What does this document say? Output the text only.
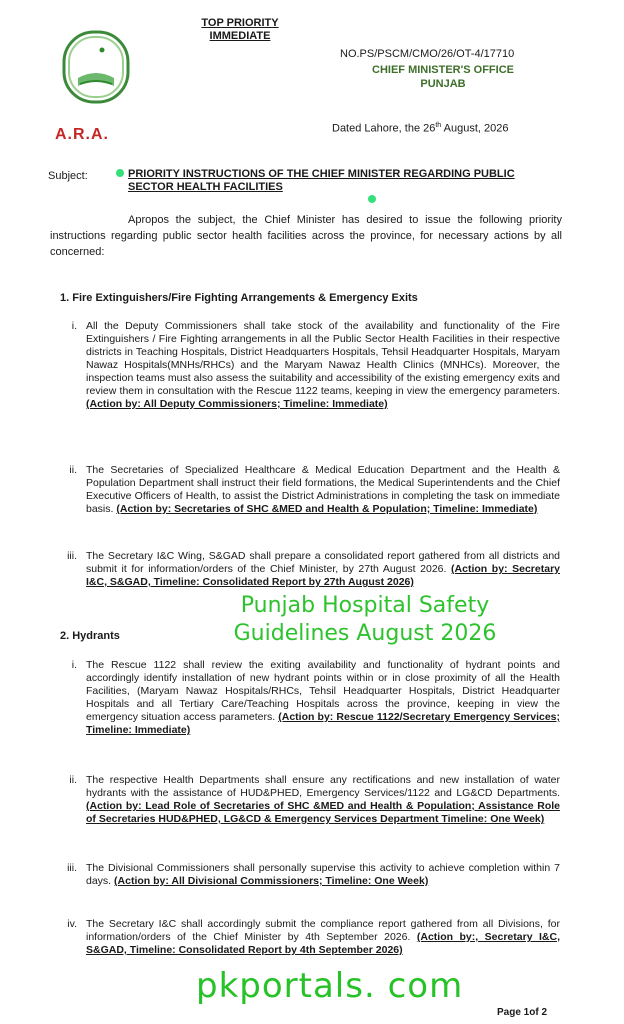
TOP PRIORITY
IMMEDIATE
NO.PS/PSCM/CMO/26/OT-4/17710
CHIEF MINISTER'S OFFICE
PUNJAB
A.R.A.	Dated Lahore, the 26th August, 2026
Subject:	PRIORITY INSTRUCTIONS OF THE CHIEF MINISTER REGARDING PUBLIC SECTOR HEALTH FACILITIES
Apropos the subject, the Chief Minister has desired to issue the following priority instructions regarding public sector health facilities across the province, for necessary actions by all concerned:
1. Fire Extinguishers/Fire Fighting Arrangements & Emergency Exits
i. All the Deputy Commissioners shall take stock of the availability and functionality of the Fire Extinguishers / Fire Fighting arrangements in all the Public Sector Health Facilities in their respective districts in Teaching Hospitals, District Headquarters Hospitals, Tehsil Headquarter Hospitals, Maryam Nawaz Hospitals(MNHs/RHCs) and the Maryam Nawaz Health Clinics (MNHCs). Moreover, the inspection teams must also assess the suitability and accessibility of the existing emergency exits and review them in consultation with the Rescue 1122 teams, keeping in view the emergency parameters. (Action by: All Deputy Commissioners; Timeline: Immediate)
ii. The Secretaries of Specialized Healthcare & Medical Education Department and the Health & Population Department shall instruct their field formations, the Medical Superintendents and the Chief Executive Officers of Health, to assist the District Administrations in completing the task on immediate basis. (Action by: Secretaries of SHC &MED and Health & Population; Timeline: Immediate)
iii. The Secretary I&C Wing, S&GAD shall prepare a consolidated report gathered from all districts and submit it for information/orders of the Chief Minister, by 27th August 2026. (Action by: Secretary I&C, S&GAD, Timeline: Consolidated Report by 27th August 2026)
Punjab Hospital Safety
Guidelines August 2026
2. Hydrants
i. The Rescue 1122 shall review the exiting availability and functionality of hydrant points and accordingly identify installation of new hydrant points within or in close proximity of all the Health Facilities, (Maryam Nawaz Hospitals/RHCs, Tehsil Headquarter Hospitals, District Headquarter Hospitals and all Tertiary Care/Teaching Hospitals across the province, keeping in view the emergency situation access parameters. (Action by: Rescue 1122/Secretary Emergency Services; Timeline: Immediate)
ii. The respective Health Departments shall ensure any rectifications and new installation of water hydrants with the assistance of HUD&PHED, Emergency Services/1122 and LG&CD Departments. (Action by: Lead Role of Secretaries of SHC &MED and Health & Population; Assistance Role of Secretaries HUD&PHED, LG&CD & Emergency Services Department Timeline: One Week)
iii. The Divisional Commissioners shall personally supervise this activity to achieve completion within 7 days. (Action by: All Divisional Commissioners; Timeline: One Week)
iv. The Secretary I&C shall accordingly submit the compliance report gathered from all Divisions, for information/orders of the Chief Minister by 4th September 2026. (Action by:, Secretary I&C, S&GAD, Timeline: Consolidated Report by 4th September 2026)
pkportals. com
Page 1of 2
